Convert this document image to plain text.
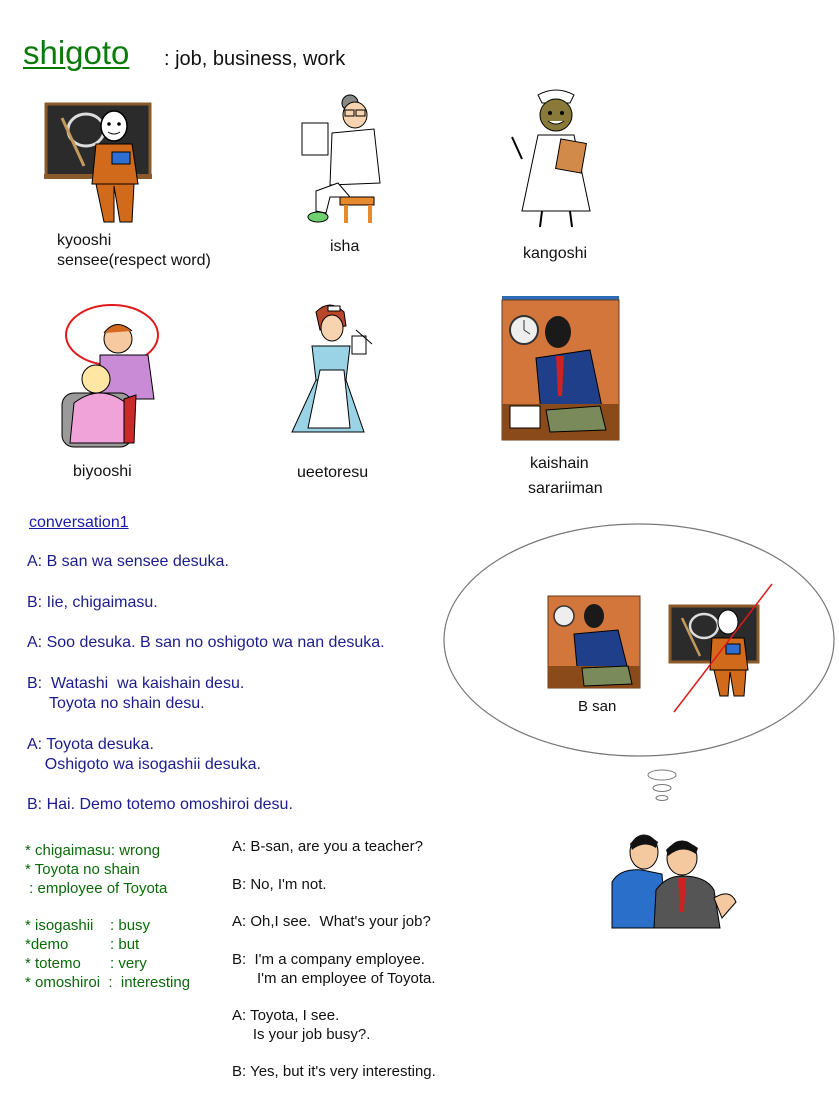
shigoto : job, business, work
kyooshi
sensee(respect word)
isha	kangoshi
biyooshi	ueetoresu
kaishain
sarariiman
conversation1
A: B san wa sensee desuka.
B: Iie, chigaimasu.
A: Soo desuka. B san no oshigoto wa nan desuka.
B:  Watashi  wa kaishain desu.
Toyota no shain desu.
A: Toyota desuka.
Oshigoto wa isogashii desuka.
B: Hai. Demo totemo omoshiroi desu.
B san
* chigaimasu: wrong
* Toyota no shain
: employee of Toyota
* isogashii    : busy
*demo          : but
* totemo       : very
* omoshiroi  :  interesting
A: B-san, are you a teacher?
B: No, I'm not.
A: Oh,I see.  What's your job?
B:  I'm a company employee.
I'm an employee of Toyota.
A: Toyota, I see.
Is your job busy?.
B: Yes, but it's very interesting.
